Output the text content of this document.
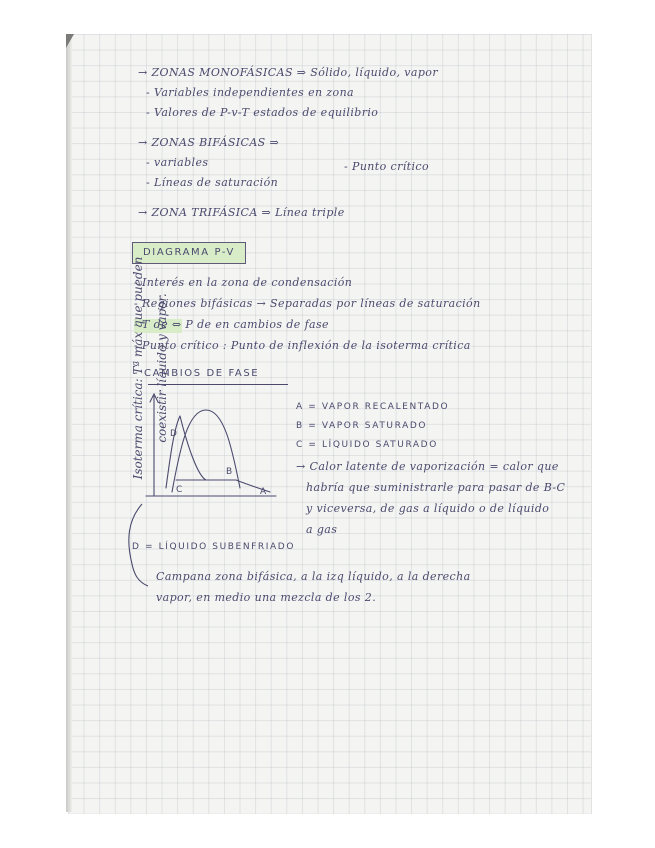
→ ZONAS MONOFÁSICAS ⇒ Sólido, líquido, vapor
- Variables independientes en zona
- Valores de P-v-T estados de equilibrio
→ ZONAS BIFÁSICAS ⇒
- variables	- Punto crítico
- Líneas de saturación
→ ZONA TRIFÁSICA ⇒ Línea triple
DIAGRAMA P-V
- Interés en la zona de condensación
- Regiones bifásicas → Separadas por líneas de saturación
- T de ⇔ P de en cambios de fase
- Punto crítico : Punto de inflexión de la isoterma crítica
- CAMBIOS DE FASE
Isoterma crítica: Tª máx que pueden coexistir líquido y vapor. D
C
B
A
A = VAPOR RECALENTADO
B = VAPOR SATURADO
C = LÍQUIDO SATURADO
→ Calor latente de vaporización = calor que
habría que suministrarle para pasar de B-C
y viceversa, de gas a líquido o de líquido
a gas
D = LÍQUIDO SUBENFRIADO
Campana zona bifásica, a la izq líquido, a la derecha
vapor, en medio una mezcla de los 2.
